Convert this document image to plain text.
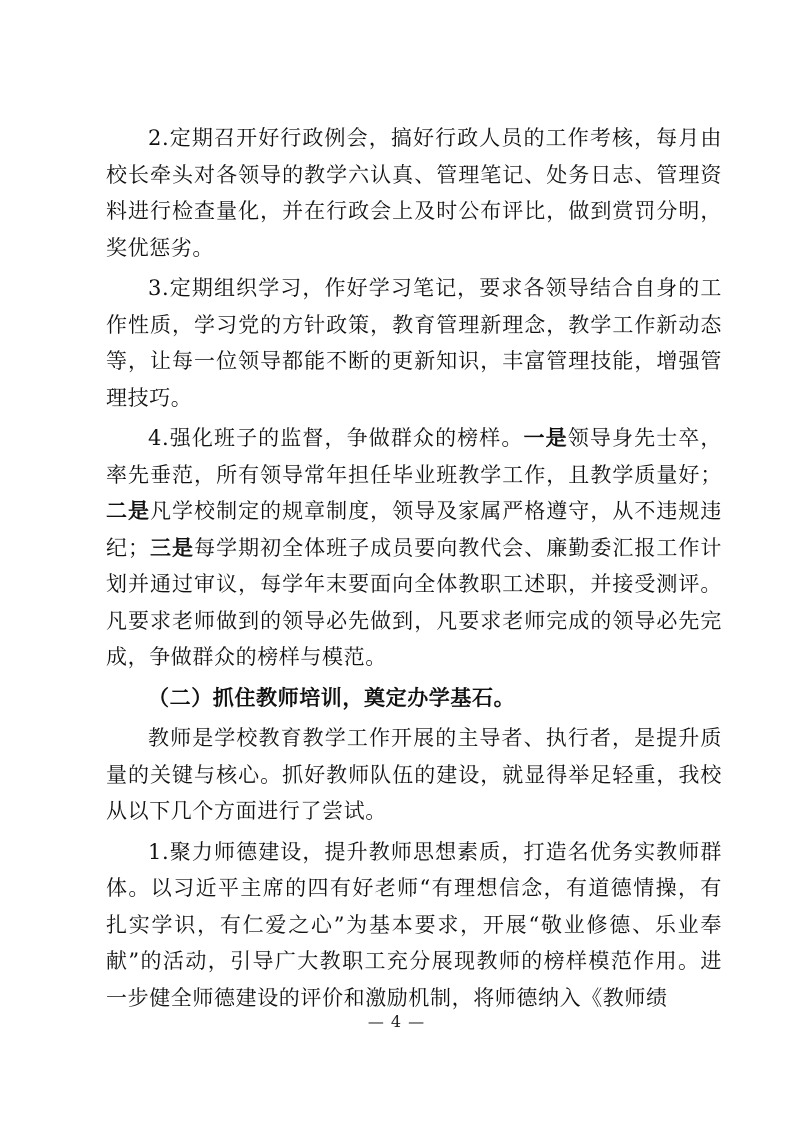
2.定期召开好行政例会，搞好行政人员的工作考核，每月由校长牵头对各领导的教学六认真、管理笔记、处务日志、管理资料进行检查量化，并在行政会上及时公布评比，做到赏罚分明，奖优惩劣。

3.定期组织学习，作好学习笔记，要求各领导结合自身的工作性质，学习党的方针政策，教育管理新理念，教学工作新动态等，让每一位领导都能不断的更新知识，丰富管理技能，增强管理技巧。

4.强化班子的监督，争做群众的榜样。一是领导身先士卒，率先垂范，所有领导常年担任毕业班教学工作，且教学质量好；二是凡学校制定的规章制度，领导及家属严格遵守，从不违规违纪；三是每学期初全体班子成员要向教代会、廉勤委汇报工作计划并通过审议，每学年末要面向全体教职工述职，并接受测评。凡要求老师做到的领导必先做到，凡要求老师完成的领导必先完成，争做群众的榜样与模范。

（二）抓住教师培训，奠定办学基石。

教师是学校教育教学工作开展的主导者、执行者，是提升质量的关键与核心。抓好教师队伍的建设，就显得举足轻重，我校从以下几个方面进行了尝试。

1.聚力师德建设，提升教师思想素质，打造名优务实教师群体。以习近平主席的四有好老师“有理想信念，有道德情操，有扎实学识，有仁爱之心”为基本要求，开展“敬业修德、乐业奉献”的活动，引导广大教职工充分展现教师的榜样模范作用。进一步健全师德建设的评价和激励机制，将师德纳入《教师绩

— 4 —
